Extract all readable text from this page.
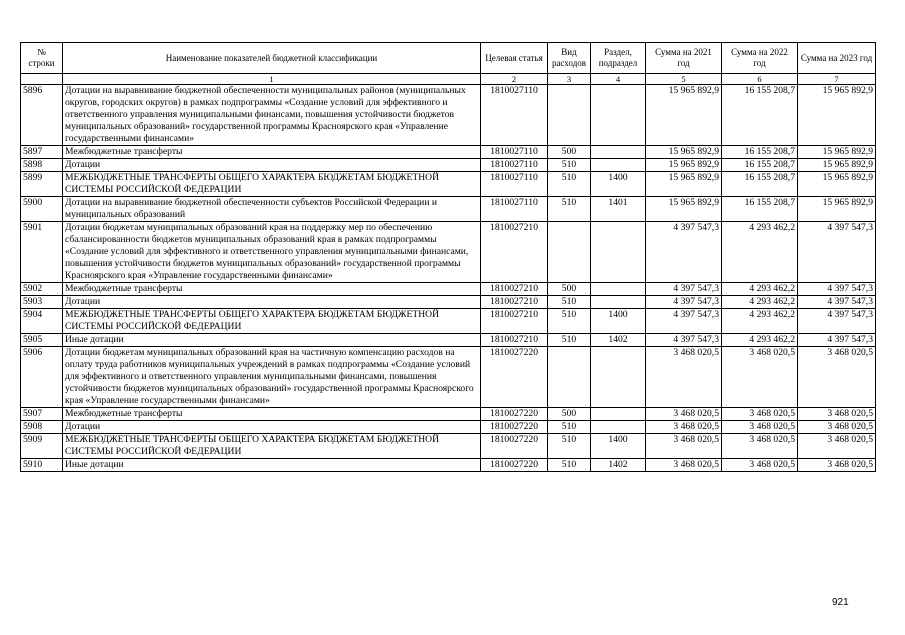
№ строки	Наименование показателей бюджетной классификации	Целевая статья	Вид расходов	Раздел, подраздел	Сумма на 2021 год	Сумма на 2022 год	Сумма на 2023 год
	1	2	3	4	5	6	7
5896	Дотации на выравнивание бюджетной обеспеченности муниципальных районов (муниципальных округов, городских округов) в рамках подпрограммы «Создание условий для эффективного и ответственного управления муниципальными финансами, повышения устойчивости бюджетов муниципальных образований» государственной программы Красноярского края «Управление государственными финансами»	1810027110			15 965 892,9	16 155 208,7	15 965 892,9
5897	Межбюджетные трансферты	1810027110	500		15 965 892,9	16 155 208,7	15 965 892,9
5898	Дотации	1810027110	510		15 965 892,9	16 155 208,7	15 965 892,9
5899	МЕЖБЮДЖЕТНЫЕ ТРАНСФЕРТЫ ОБЩЕГО ХАРАКТЕРА БЮДЖЕТАМ БЮДЖЕТНОЙ СИСТЕМЫ РОССИЙСКОЙ ФЕДЕРАЦИИ	1810027110	510	1400	15 965 892,9	16 155 208,7	15 965 892,9
5900	Дотации на выравнивание бюджетной обеспеченности субъектов Российской Федерации и муниципальных образований	1810027110	510	1401	15 965 892,9	16 155 208,7	15 965 892,9
5901	Дотации бюджетам муниципальных образований края на поддержку мер по обеспечению сбалансированности бюджетов муниципальных образований края в рамках подпрограммы «Создание условий для эффективного и ответственного управления муниципальными финансами, повышения устойчивости бюджетов муниципальных образований» государственной программы Красноярского края «Управление государственными финансами»	1810027210			4 397 547,3	4 293 462,2	4 397 547,3
5902	Межбюджетные трансферты	1810027210	500		4 397 547,3	4 293 462,2	4 397 547,3
5903	Дотации	1810027210	510		4 397 547,3	4 293 462,2	4 397 547,3
5904	МЕЖБЮДЖЕТНЫЕ ТРАНСФЕРТЫ ОБЩЕГО ХАРАКТЕРА БЮДЖЕТАМ БЮДЖЕТНОЙ СИСТЕМЫ РОССИЙСКОЙ ФЕДЕРАЦИИ	1810027210	510	1400	4 397 547,3	4 293 462,2	4 397 547,3
5905	Иные дотации	1810027210	510	1402	4 397 547,3	4 293 462,2	4 397 547,3
5906	Дотации бюджетам муниципальных образований края на частичную компенсацию расходов на оплату труда работников муниципальных учреждений в рамках подпрограммы «Создание условий для эффективного и ответственного управления муниципальными финансами, повышения устойчивости бюджетов муниципальных образований» государственной программы Красноярского края «Управление государственными финансами»	1810027220			3 468 020,5	3 468 020,5	3 468 020,5
5907	Межбюджетные трансферты	1810027220	500		3 468 020,5	3 468 020,5	3 468 020,5
5908	Дотации	1810027220	510		3 468 020,5	3 468 020,5	3 468 020,5
5909	МЕЖБЮДЖЕТНЫЕ ТРАНСФЕРТЫ ОБЩЕГО ХАРАКТЕРА БЮДЖЕТАМ БЮДЖЕТНОЙ СИСТЕМЫ РОССИЙСКОЙ ФЕДЕРАЦИИ	1810027220	510	1400	3 468 020,5	3 468 020,5	3 468 020,5
5910	Иные дотации	1810027220	510	1402	3 468 020,5	3 468 020,5	3 468 020,5
921
